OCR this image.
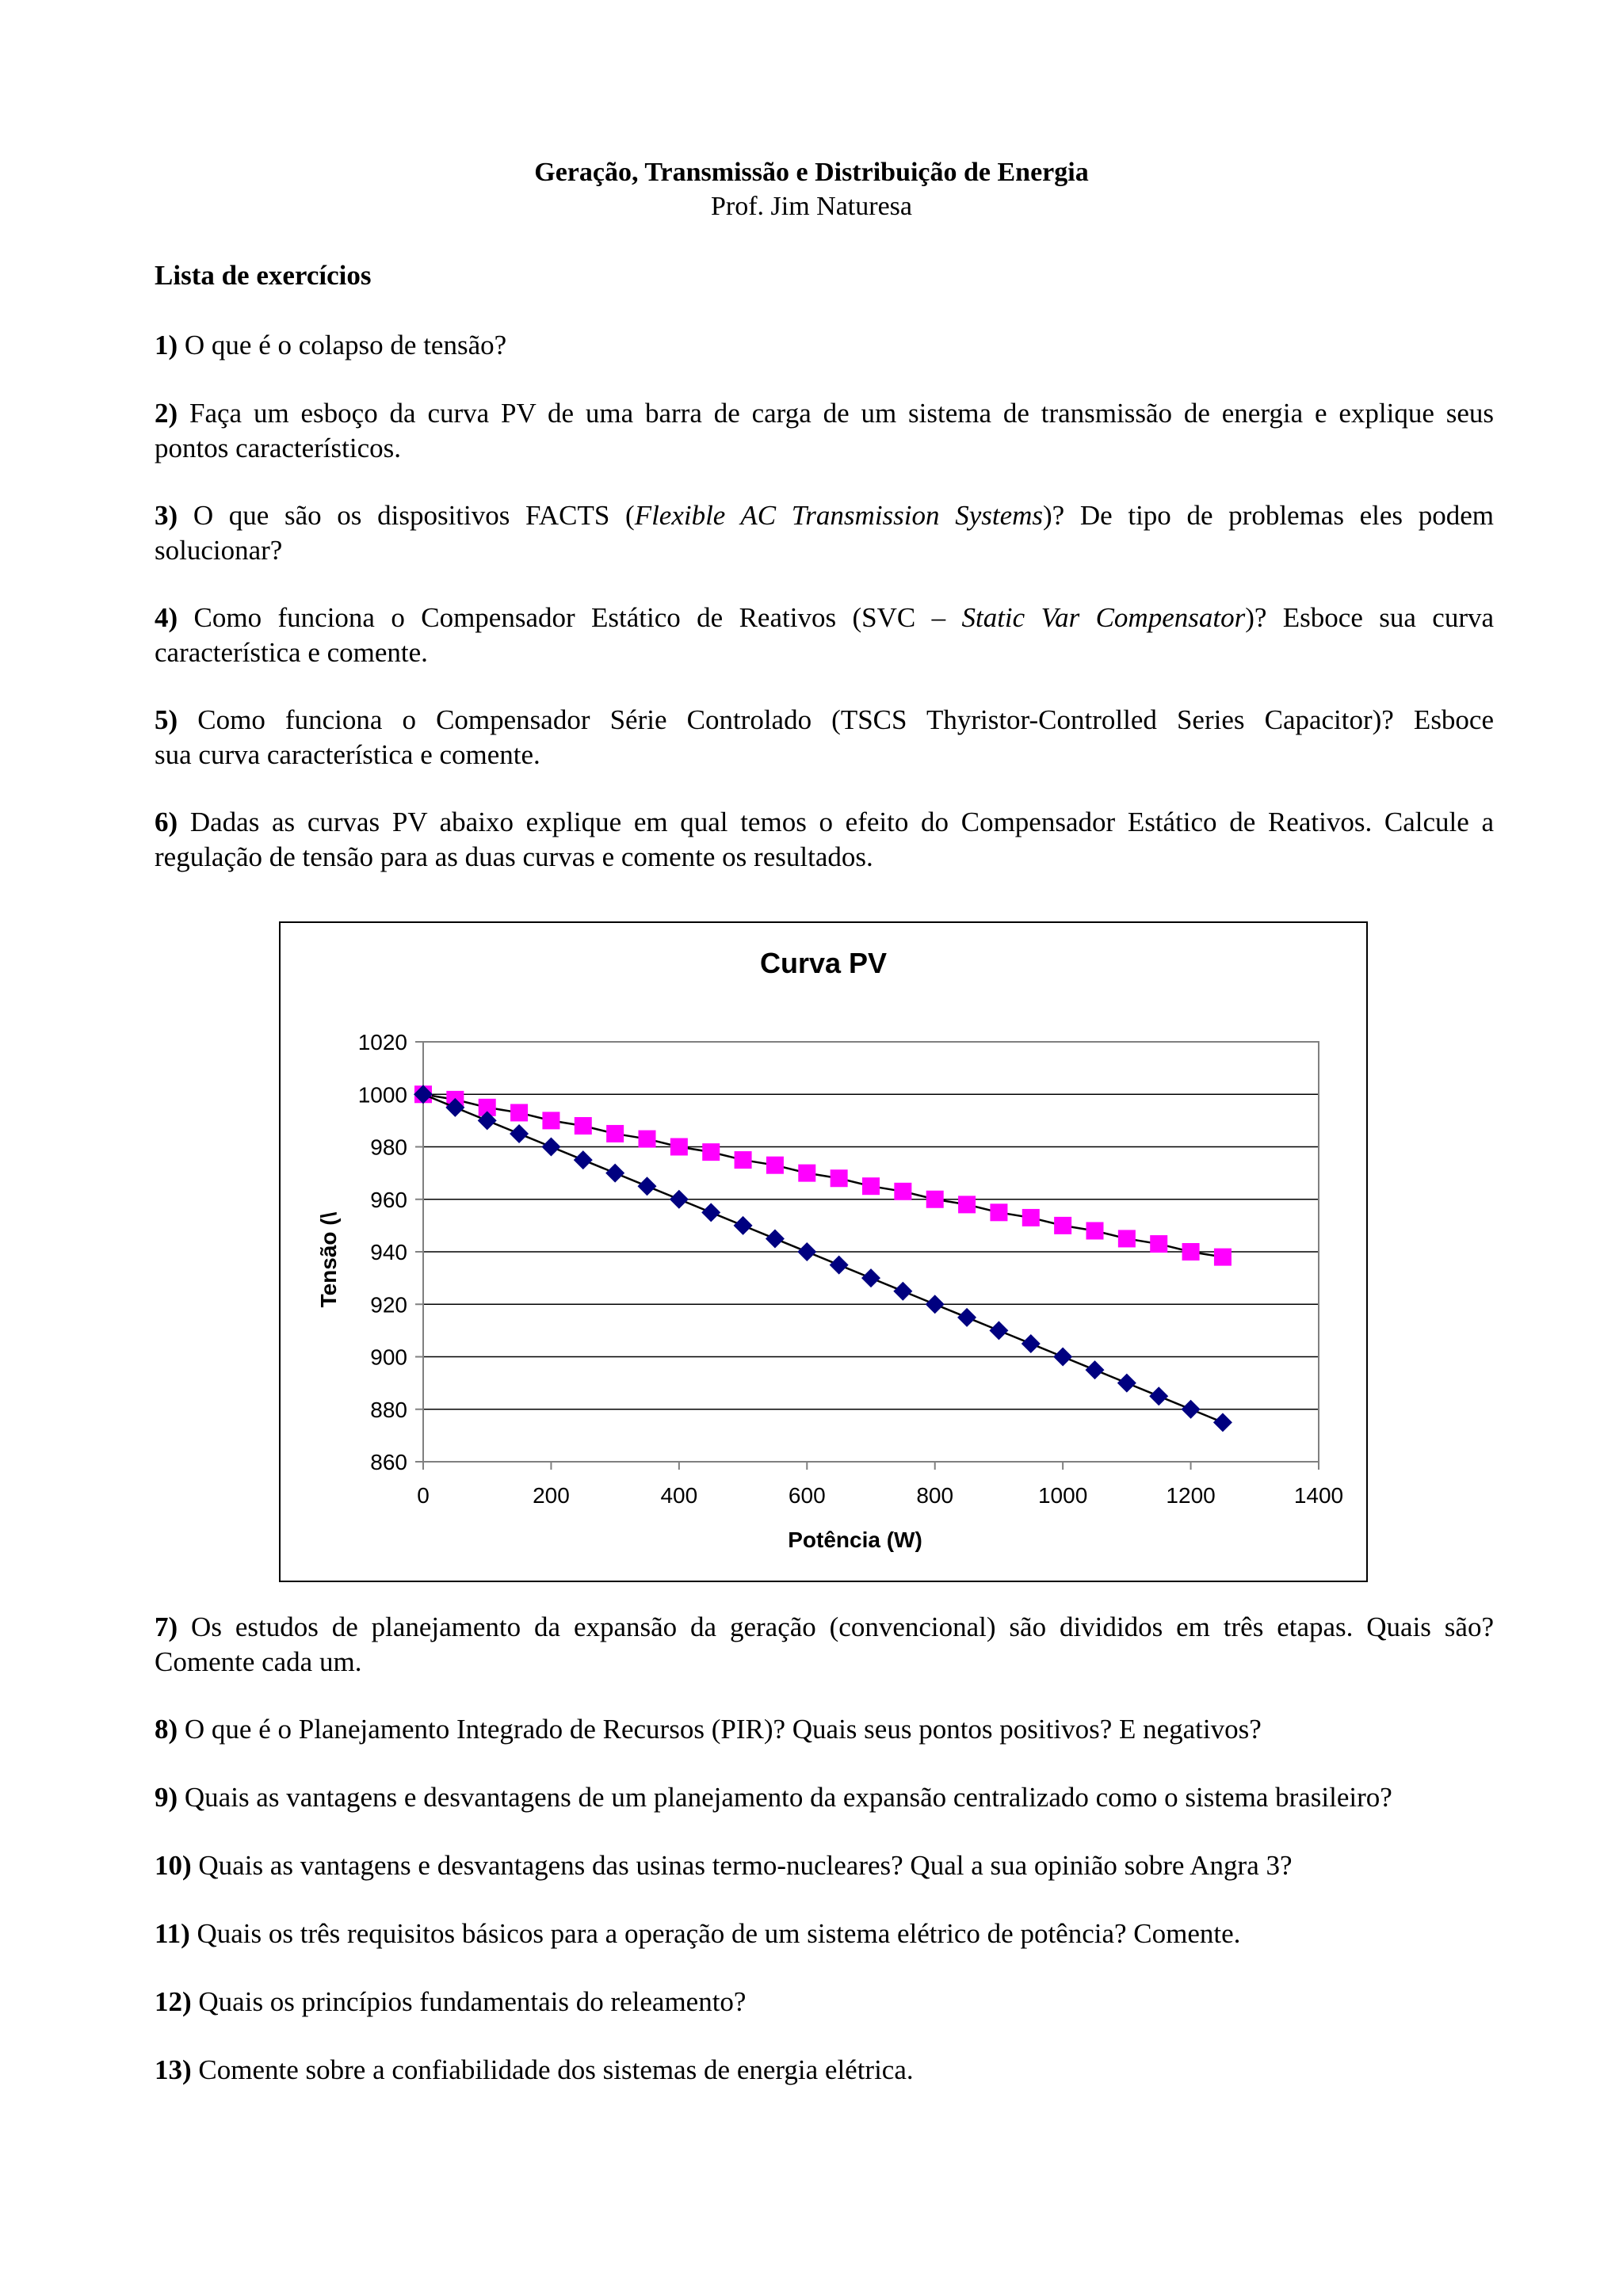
Geração, Transmissão e Distribuição de Energia
Prof. Jim Naturesa
Lista de exercícios
1) O que é o colapso de tensão?
2) Faça um esboço da curva PV de uma barra de carga de um sistema de transmissão de energia e explique seus
pontos característicos.
3) O que são os dispositivos FACTS (Flexible AC Transmission Systems)? De tipo de problemas eles podem
solucionar?
4) Como funciona o Compensador Estático de Reativos (SVC – Static Var Compensator)? Esboce sua curva
característica e comente.
5) Como funciona o Compensador Série Controlado (TSCS Thyristor-Controlled Series Capacitor)? Esboce
sua curva característica e comente.
6) Dadas as curvas PV abaixo explique em qual temos o efeito do Compensador Estático de Reativos. Calcule a
regulação de tensão para as duas curvas e comente os resultados.
Curva PV
860
880
900
920
940
960
980
1000
1020
0	200	400	600	800	1000	1200	1400
Potência (W)
Tensão (\
7) Os estudos de planejamento da expansão da geração (convencional) são divididos em três etapas. Quais são?
Comente cada um.
8) O que é o Planejamento Integrado de Recursos (PIR)? Quais seus pontos positivos? E negativos?
9) Quais as vantagens e desvantagens de um planejamento da expansão centralizado como o sistema brasileiro?
10) Quais as vantagens e desvantagens das usinas termo-nucleares? Qual a sua opinião sobre Angra 3?
11) Quais os três requisitos básicos para a operação de um sistema elétrico de potência? Comente.
12) Quais os princípios fundamentais do releamento?
13) Comente sobre a confiabilidade dos sistemas de energia elétrica.
